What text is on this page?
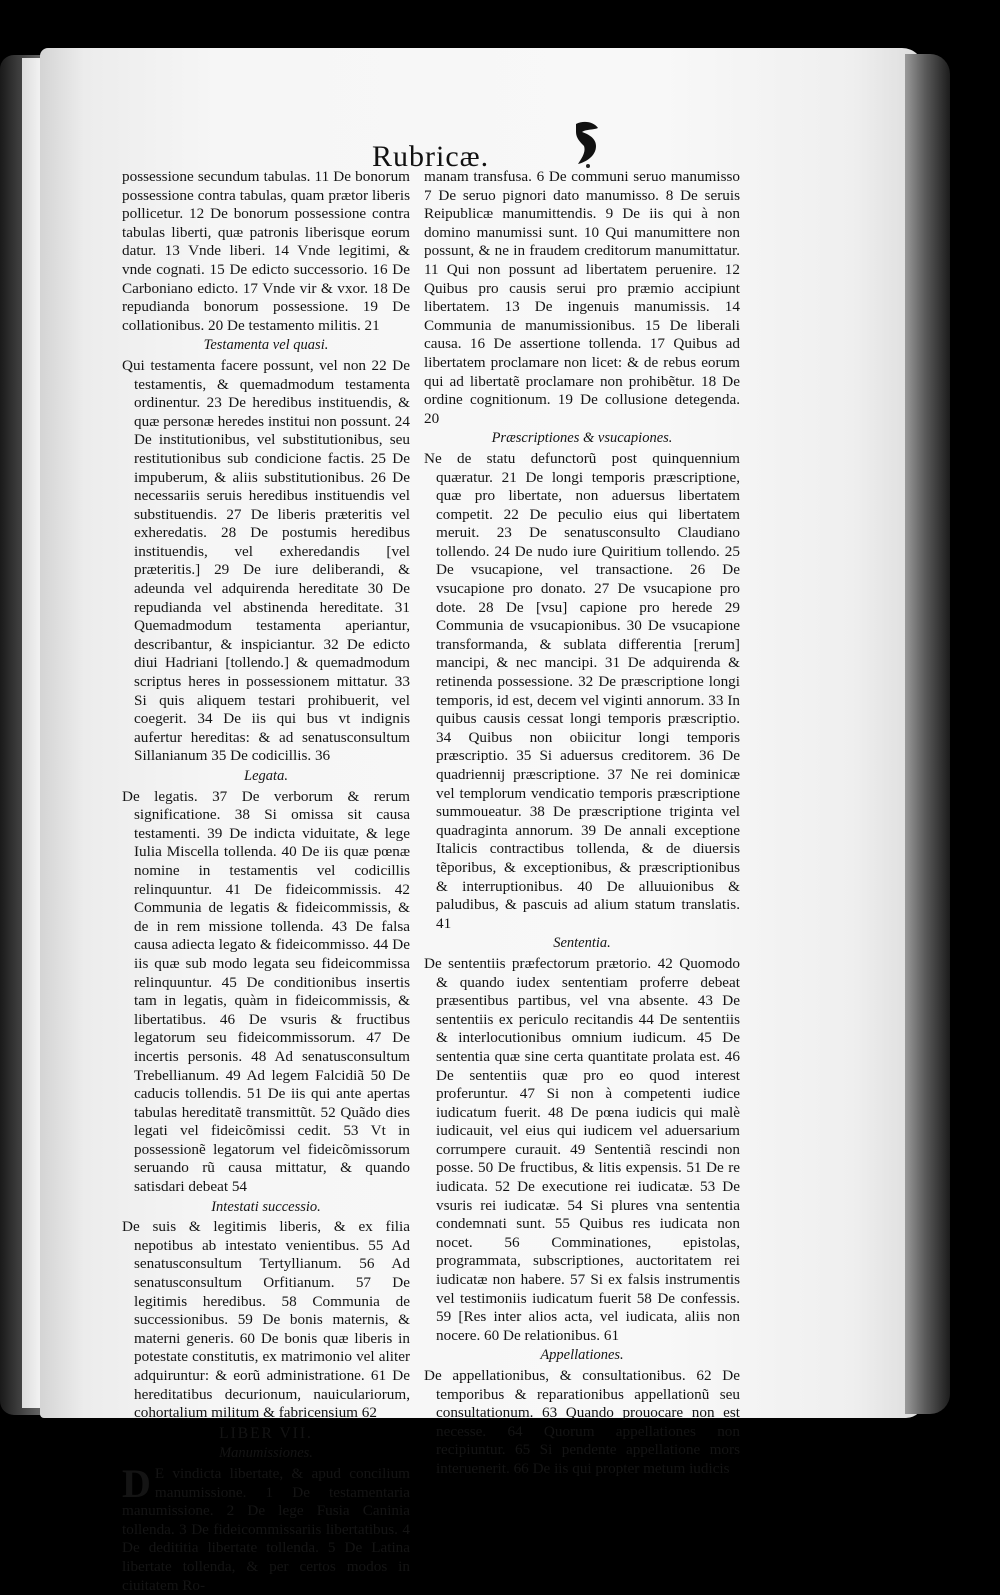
Rubricæ.

possessione secundum tabulas. 11 De bonorum possessione contra tabulas, quam prætor liberis pollicetur. 12 De bonorum possessione contra tabulas liberti, quæ patronis liberisque eorum datur. 13 Vnde liberi. 14 Vnde legitimi, & vnde cognati. 15 De edicto successorio. 16 De Carboniano edicto. 17 Vnde vir & vxor. 18 De repudianda bonorum possessione. 19 De collationibus. 20 De testamento militis. 21

Testamenta vel quasi.

Qui testamenta facere possunt, vel non 22 De testamentis, & quemadmodum testamenta ordinentur. 23 De heredibus instituendis, & quæ personæ heredes institui non possunt. 24 De institutionibus, vel substitutionibus, seu restitutionibus sub condicione factis. 25 De impuberum, & aliis substitutionibus. 26 De necessariis seruis heredibus instituendis vel substituendis. 27 De liberis præteritis vel exheredatis. 28 De postumis heredibus instituendis, vel exheredandis [vel præteritis.] 29 De iure deliberandi, & adeunda vel adquirenda hereditate 30 De repudianda vel abstinenda hereditate. 31 Quemadmodum testamenta aperiantur, describantur, & inspiciantur. 32 De edicto diui Hadriani [tollendo.] & quemadmodum scriptus heres in possessionem mittatur. 33 Si quis aliquem testari prohibuerit, vel coegerit. 34 De iis qui bus vt indignis aufertur hereditas: & ad senatusconsultum Sillanianum 35 De codicillis. 36

Legata.

De legatis. 37 De verborum & rerum significatione. 38 Si omissa sit causa testamenti. 39 De indicta viduitate, & lege Iulia Miscella tollenda. 40 De iis quæ pœnæ nomine in testamentis vel codicillis relinquuntur. 41 De fideicommissis. 42 Communia de legatis & fideicommissis, & de in rem missione tollenda. 43 De falsa causa adiecta legato & fideicommisso. 44 De iis quæ sub modo legata seu fideicommissa relinquuntur. 45 De conditionibus insertis tam in legatis, quàm in fideicommissis, & libertatibus. 46 De vsuris & fructibus legatorum seu fideicommissorum. 47 De incertis personis. 48 Ad senatusconsultum Trebellianum. 49 Ad legem Falcidiã 50 De caducis tollendis. 51 De iis qui ante apertas tabulas hereditatẽ transmittũt. 52 Quãdo dies legati vel fideicõmissi cedit. 53 Vt in possessionẽ legatorum vel fideicõmissorum seruando rũ causa mittatur, & quando satisdari debeat 54

Intestati successio.

De suis & legitimis liberis, & ex filia nepotibus ab intestato venientibus. 55 Ad senatusconsultum Tertyllianum. 56 Ad senatusconsultum Orfitianum. 57 De legitimis heredibus. 58 Communia de successionibus. 59 De bonis maternis, & materni generis. 60 De bonis quæ liberis in potestate constitutis, ex matrimonio vel aliter adquiruntur: & eorũ administratione. 61 De hereditatibus decurionum, nauiculariorum, cohortalium militum & fabricensium 62

LIBER VII.

Manumissiones.

D E vindicta libertate, & apud concilium manumissione. 1 De testamentaria manumissione. 2 De lege Fusia Caninia tollenda. 3 De fideicommissariis libertatibus. 4 De dedititia libertate tollenda. 5 De Latina libertate tollenda, & per certos modos in ciuitatem Ro-

manam transfusa. 6 De communi seruo manumisso 7 De seruo pignori dato manumisso. 8 De seruis Reipublicæ manumittendis. 9 De iis qui à non domino manumissi sunt. 10 Qui manumittere non possunt, & ne in fraudem creditorum manumittatur. 11 Qui non possunt ad libertatem peruenire. 12 Quibus pro causis serui pro præmio accipiunt libertatem. 13 De ingenuis manumissis. 14 Communia de manumissionibus. 15 De liberali causa. 16 De assertione tollenda. 17 Quibus ad libertatem proclamare non licet: & de rebus eorum qui ad libertatẽ proclamare non prohibẽtur. 18 De ordine cognitionum. 19 De collusione detegenda. 20

Præscriptiones & vsucapiones.

Ne de statu defunctorũ post quinquennium quæratur. 21 De longi temporis præscriptione, quæ pro libertate, non aduersus libertatem competit. 22 De peculio eius qui libertatem meruit. 23 De senatusconsulto Claudiano tollendo. 24 De nudo iure Quiritium tollendo. 25 De vsucapione, vel transactione. 26 De vsucapione pro donato. 27 De vsucapione pro dote. 28 De [vsu] capione pro herede 29 Communia de vsucapionibus. 30 De vsucapione transformanda, & sublata differentia [rerum] mancipi, & nec mancipi. 31 De adquirenda & retinenda possessione. 32 De præscriptione longi temporis, id est, decem vel viginti annorum. 33 In quibus causis cessat longi temporis præscriptio. 34 Quibus non obiicitur longi temporis præscriptio. 35 Si aduersus creditorem. 36 De quadriennij præscriptione. 37 Ne rei dominicæ vel templorum vendicatio temporis præscriptione summoueatur. 38 De præscriptione triginta vel quadraginta annorum. 39 De annali exceptione Italicis contractibus tollenda, & de diuersis tẽporibus, & exceptionibus, & præscriptionibus & interruptionibus. 40 De alluuionibus & paludibus, & pascuis ad alium statum translatis. 41

Sententia.

De sententiis præfectorum prætorio. 42 Quomodo & quando iudex sententiam proferre debeat præsentibus partibus, vel vna absente. 43 De sententiis ex periculo recitandis 44 De sententiis & interlocutionibus omnium iudicum. 45 De sententia quæ sine certa quantitate prolata est. 46 De sententiis quæ pro eo quod interest proferuntur. 47 Si non à competenti iudice iudicatum fuerit. 48 De pœna iudicis qui malè iudicauit, vel eius qui iudicem vel aduersarium corrumpere curauit. 49 Sententiã rescindi non posse. 50 De fructibus, & litis expensis. 51 De re iudicata. 52 De executione rei iudicatæ. 53 De vsuris rei iudicatæ. 54 Si plures vna sententia condemnati sunt. 55 Quibus res iudicata non nocet. 56 Comminationes, epistolas, programmata, subscriptiones, auctoritatem rei iudicatæ non habere. 57 Si ex falsis instrumentis vel testimoniis iudicatum fuerit 58 De confessis. 59 [Res inter alios acta, vel iudicata, aliis non nocere. 60 De relationibus. 61

Appellationes.

De appellationibus, & consultationibus. 62 De temporibus & reparationibus appellationũ seu consultationum. 63 Quando prouocare non est necesse. 64 Quorum appellationes non recipiuntur. 65 Si pendente appellatione mors interuenerit. 66 De iis qui propter metum iudicis
